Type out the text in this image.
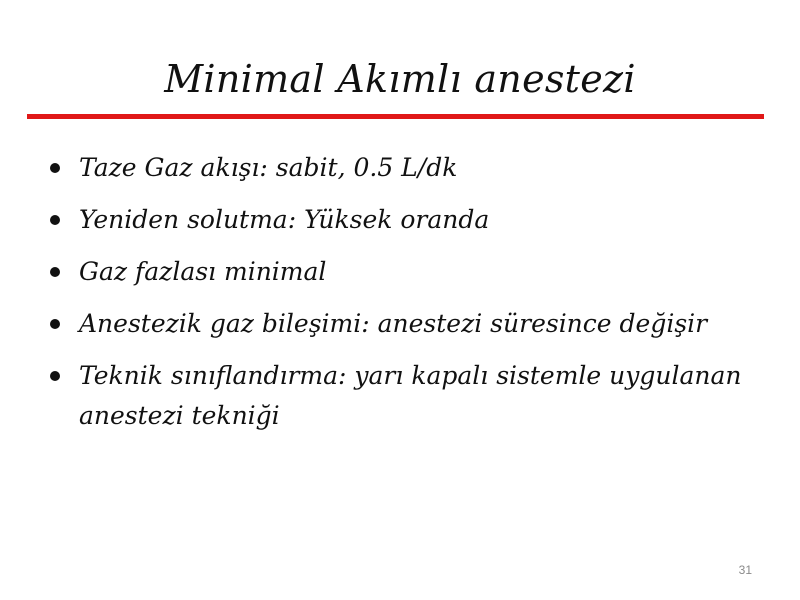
Minimal Akımlı anestezi
Taze Gaz akışı: sabit, 0.5 L/dk
Yeniden solutma: Yüksek oranda
Gaz fazlası minimal
Anestezik gaz bileşimi: anestezi süresince değişir
Teknik sınıflandırma: yarı kapalı sistemle uygulanan anestezi tekniği
31
